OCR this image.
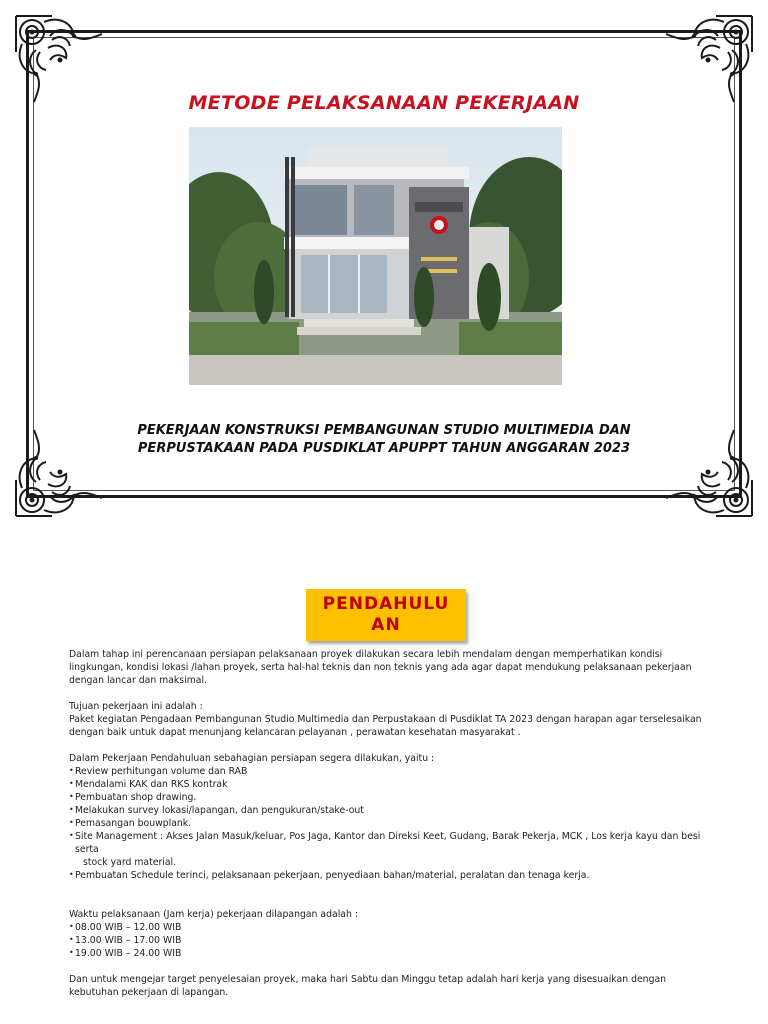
METODE PELAKSANAAN PEKERJAAN
PEKERJAAN KONSTRUKSI PEMBANGUNAN STUDIO MULTIMEDIA DAN
PERPUSTAKAAN PADA PUSDIKLAT APUPPT TAHUN ANGGARAN 2023
PENDAHULU
AN

Dalam tahap ini perencanaan persiapan pelaksanaan proyek dilakukan secara lebih mendalam dengan memperhatikan kondisi lingkungan, kondisi lokasi /lahan proyek, serta hal-hal teknis dan non teknis yang ada agar dapat mendukung pelaksanaan pekerjaan dengan lancar dan maksimal.

Tujuan pekerjaan ini adalah :

Paket kegiatan Pengadaan Pembangunan Studio Multimedia dan Perpustakaan di Pusdiklat TA 2023 dengan harapan agar terselesaikan dengan baik untuk dapat menunjang kelancaran pelayanan , perawatan kesehatan masyarakat .

Dalam Pekerjaan Pendahuluan sebahagian persiapan segera dilakukan, yaitu :

• Review perhitungan volume dan RAB

• Mendalami KAK dan RKS kontrak

• Pembuatan shop drawing.

• Melakukan survey lokasi/lapangan, dan pengukuran/stake-out

• Pemasangan bouwplank.

• Site Management : Akses Jalan Masuk/keluar, Pos Jaga, Kantor dan Direksi Keet, Gudang, Barak Pekerja, MCK , Los kerja kayu dan besi serta

stock yard material.

• Pembuatan Schedule terinci, pelaksanaan pekerjaan, penyediaan bahan/material, peralatan dan tenaga kerja.

Waktu pelaksanaan (Jam kerja) pekerjaan dilapangan adalah :

• 08.00 WIB – 12.00 WIB

• 13.00 WIB – 17.00 WIB

• 19.00 WIB – 24.00 WIB

Dan untuk mengejar target penyelesaian proyek, maka hari Sabtu dan Minggu tetap adalah hari kerja yang disesuaikan dengan kebutuhan pekerjaan di lapangan.
